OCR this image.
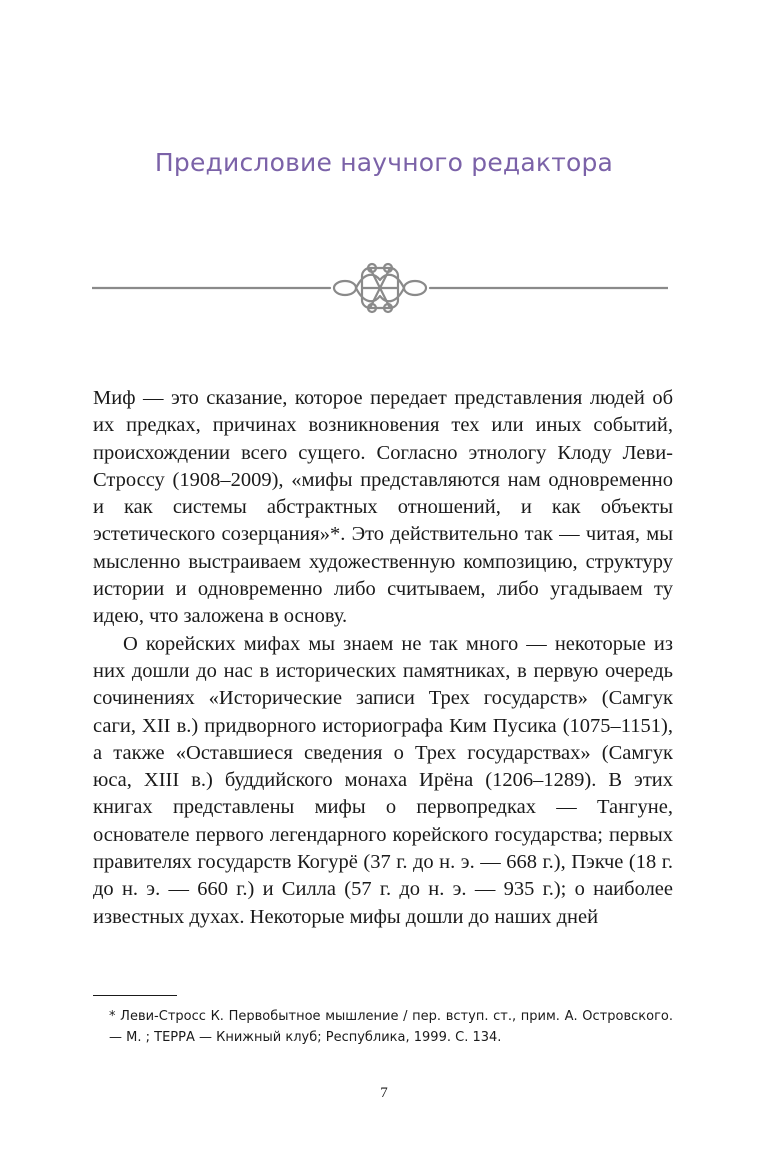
Предисловие научного редактора

Миф — это сказание, которое передает представления людей об их предках, причинах возникновения тех или иных событий, происхождении всего сущего. Согласно этнологу Клоду Леви-Строссу (1908–2009), «мифы представляются нам одновременно и как системы абстрактных отношений, и как объекты эстетического созерцания»*. Это действительно так — читая, мы мысленно выстраиваем художественную композицию, структуру истории и одновременно либо считываем, либо угадываем ту идею, что заложена в основу.

О корейских мифах мы знаем не так много — некоторые из них дошли до нас в исторических памятниках, в первую очередь сочинениях «Исторические записи Трех государств» (Самгук саги, XII в.) придворного историографа Ким Пусика (1075–1151), а также «Оставшиеся сведения о Трех государствах» (Самгук юса, XIII в.) буддийского монаха Ирёна (1206–1289). В этих книгах представлены мифы о первопредках — Тангуне, основателе первого легендарного корейского государства; первых правителях государств Когурё (37 г. до н. э. — 668 г.), Пэкче (18 г. до н. э. — 660 г.) и Силла (57 г. до н. э. — 935 г.); о наиболее известных духах. Некоторые мифы дошли до наших дней

* Леви-Стросс К. Первобытное мышление / пер. вступ. ст., прим. А. Островского. — М. ; ТЕРРА — Книжный клуб; Республика, 1999. С. 134.
7
